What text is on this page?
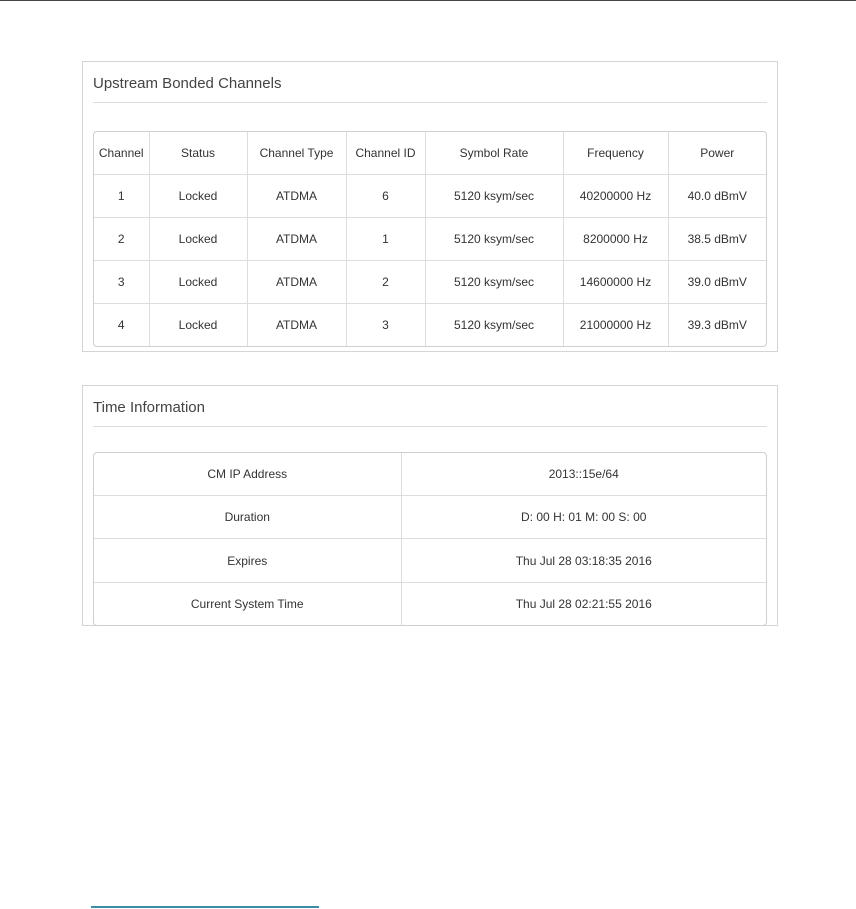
Upstream Bonded Channels
Channel	Status	Channel Type	Channel ID	Symbol Rate	Frequency	Power
1	Locked	ATDMA	6	5120 ksym/sec	40200000 Hz	40.0 dBmV
2	Locked	ATDMA	1	5120 ksym/sec	8200000 Hz	38.5 dBmV
3	Locked	ATDMA	2	5120 ksym/sec	14600000 Hz	39.0 dBmV
4	Locked	ATDMA	3	5120 ksym/sec	21000000 Hz	39.3 dBmV
Time Information
CM IP Address	2013::15e/64
Duration	D: 00 H: 01 M: 00 S: 00
Expires	Thu Jul 28 03:18:35 2016
Current System Time	Thu Jul 28 02:21:55 2016
